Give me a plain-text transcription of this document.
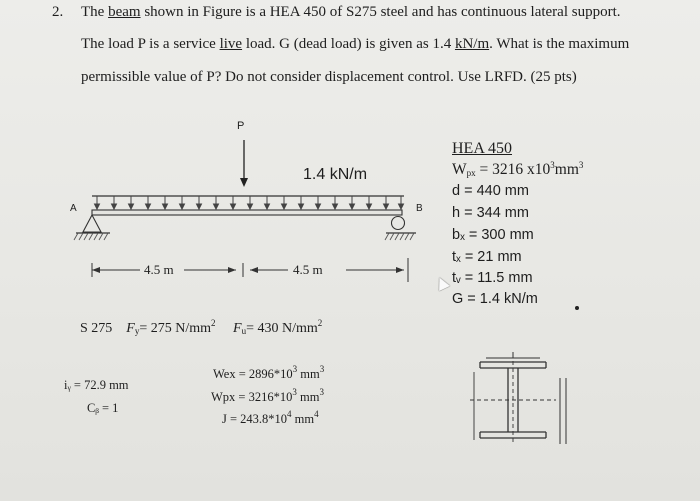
2. The beam shown in Figure is a HEA 450 of S275 steel and has continuous lateral support.
The load P is a service live load. G (dead load) is given as 1.4 kN/m. What is the maximum
permissible value of P? Do not consider displacement control. Use LRFD. (25 pts)
P
1.4 kN/m
A	B
4.5 m	4.5 m
HEA 450
$W_{px} = 3216$ $x10^3mm^3$
d = 440 mm
h = 344 mm
bₓ = 300 mm
tₓ = 21 mm
tᵥ = 11.5 mm
G = 1.4 kN/m
S 275 $F_y= 275$ $N/mm^2$ $F_u= 430$ $N/mm^2$
iᵧ = 72.9 mm
Cᵦ = 1
Wex = $2896*10^3$ $mm^3$
Wpx = $3216*10^3$ $mm^3$
$J = 243.8*10^4$ $mm^4$
